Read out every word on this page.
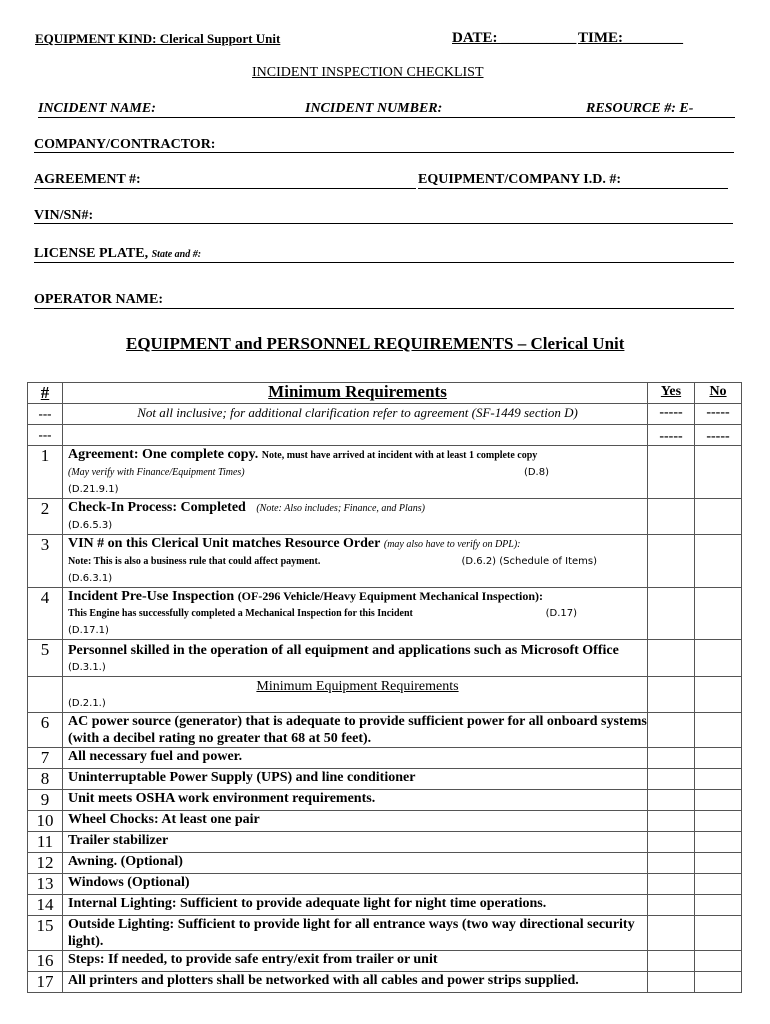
EQUIPMENT KIND: Clerical Support Unit	DATE: __________ TIME:________
INCIDENT INSPECTION CHECKLIST
INCIDENT NAME:	INCIDENT NUMBER:	RESOURCE #: E-
COMPANY/CONTRACTOR:
AGREEMENT #:	EQUIPMENT/COMPANY I.D. #:
VIN/SN#:
LICENSE PLATE, State and #:
OPERATOR NAME:
EQUIPMENT and PERSONNEL REQUIREMENTS – Clerical Unit
#	Minimum Requirements	Yes	No
---	Not all inclusive; for additional clarification refer to agreement (SF-1449 section D)	-----	-----
---		-----	-----
1	Agreement: One complete copy. Note, must have arrived at incident with at least 1 complete copy
(May verify with Finance/Equipment Times) (D.8)
(D.21.9.1)		

2	Check-In Process: Completed (Note: Also includes; Finance, and Plans)
(D.6.5.3)		

3	VIN # on this Clerical Unit matches Resource Order (may also have to verify on DPL):
Note: This is also a business rule that could affect payment. (D.6.2) (Schedule of Items)
(D.6.3.1)		

4	Incident Pre-Use Inspection (OF-296 Vehicle/Heavy Equipment Mechanical Inspection):
This Engine has successfully completed a Mechanical Inspection for this Incident (D.17)
(D.17.1)		

5	Personnel skilled in the operation of all equipment and applications such as Microsoft Office
(D.3.1.)		

	Minimum Equipment Requirements
(D.2.1.)		

6	AC power source (generator) that is adequate to provide sufficient power for all onboard systems (with a decibel rating no greater that 68 at 50 feet).		
7	All necessary fuel and power.		
8	Uninterruptable Power Supply (UPS) and line conditioner		
9	Unit meets OSHA work environment requirements.		
10	Wheel Chocks: At least one pair		
11	Trailer stabilizer		
12	Awning. (Optional)		
13	Windows (Optional)		
14	Internal Lighting: Sufficient to provide adequate light for night time operations.		
15	Outside Lighting: Sufficient to provide light for all entrance ways (two way directional security light).		
16	Steps: If needed, to provide safe entry/exit from trailer or unit		
17	All printers and plotters shall be networked with all cables and power strips supplied.		
